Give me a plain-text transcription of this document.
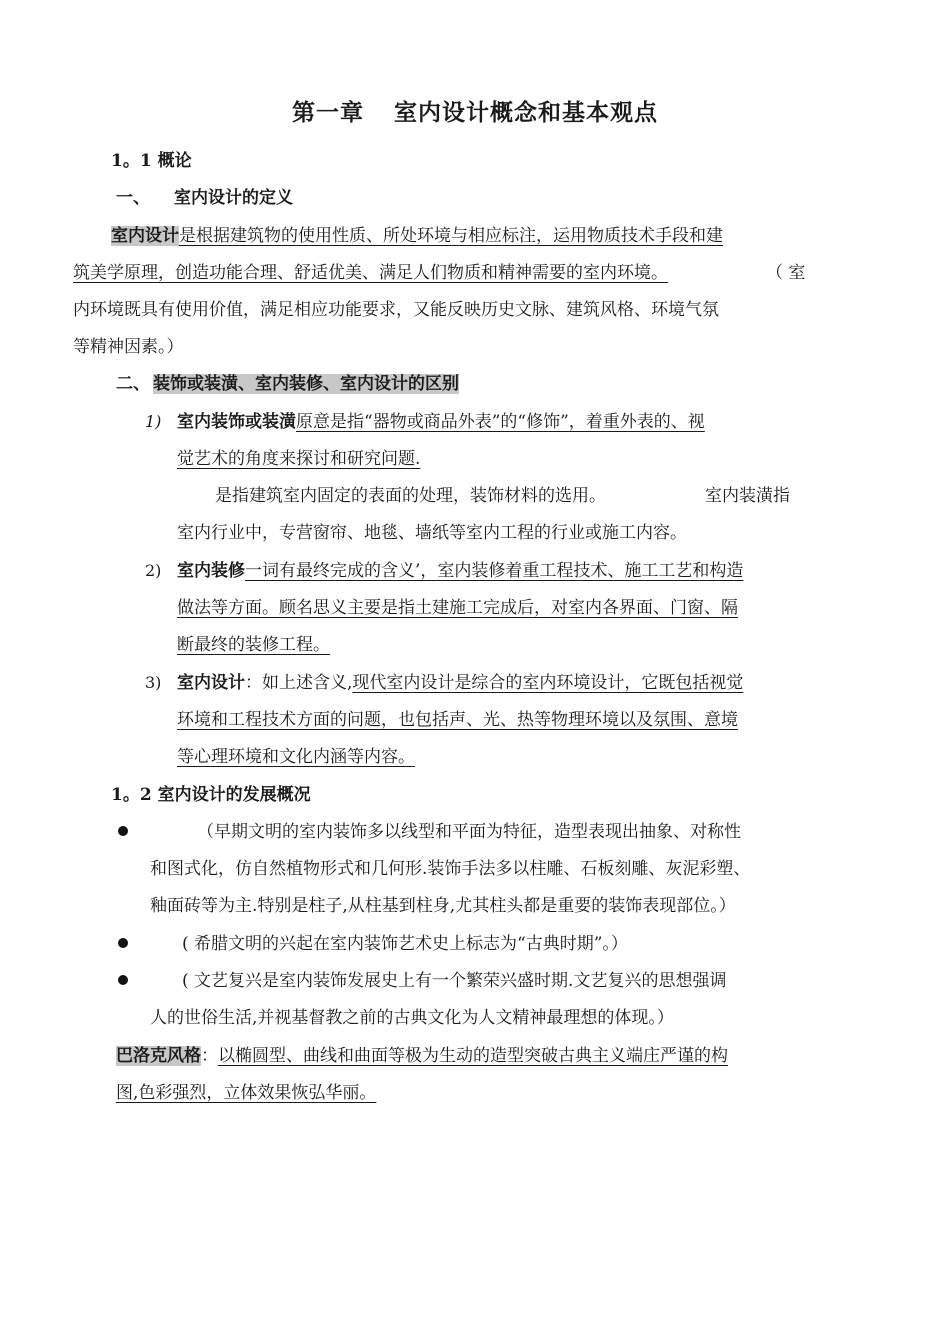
第一章 室内设计概念和基本观点
1。1 概论
一、 室内设计的定义
室内设计是根据建筑物的使用性质、所处环境与相应标注，运用物质技术手段和建
筑美学原理，创造功能合理、舒适优美、满足人们物质和精神需要的室内环境。	（ 室
内环境既具有使用价值，满足相应功能要求，又能反映历史文脉、建筑风格、环境气氛
等精神因素。）
二、 装饰或装潢、室内装修、室内设计的区别
1) 室内装饰或装潢原意是指“器物或商品外表”的“修饰”，着重外表的、视
觉艺术的角度来探讨和研究问题.
是指建筑室内固定的表面的处理，装饰材料的选用。	室内装潢指
室内行业中，专营窗帘、地毯、墙纸等室内工程的行业或施工内容。
2) 室内装修一词有最终完成的含义’，室内装修着重工程技术、施工工艺和构造
做法等方面。顾名思义主要是指土建施工完成后，对室内各界面、门窗、隔
断最终的装修工程。
3) 室内设计：如上述含义,现代室内设计是综合的室内环境设计，它既包括视觉
环境和工程技术方面的问题，也包括声、光、热等物理环境以及氛围、意境
等心理环境和文化内涵等内容。
1。2 室内设计的发展概况
（早期文明的室内装饰多以线型和平面为特征，造型表现出抽象、对称性
和图式化，仿自然植物形式和几何形.装饰手法多以柱雕、石板刻雕、灰泥彩塑、
釉面砖等为主.特别是柱子,从柱基到柱身,尤其柱头都是重要的装饰表现部位。）
( 希腊文明的兴起在室内装饰艺术史上标志为“古典时期”。）
( 文艺复兴是室内装饰发展史上有一个繁荣兴盛时期.文艺复兴的思想强调
人的世俗生活,并视基督教之前的古典文化为人文精神最理想的体现。）
巴洛克风格：以椭圆型、曲线和曲面等极为生动的造型突破古典主义端庄严谨的构
图,色彩强烈，立体效果恢弘华丽。
